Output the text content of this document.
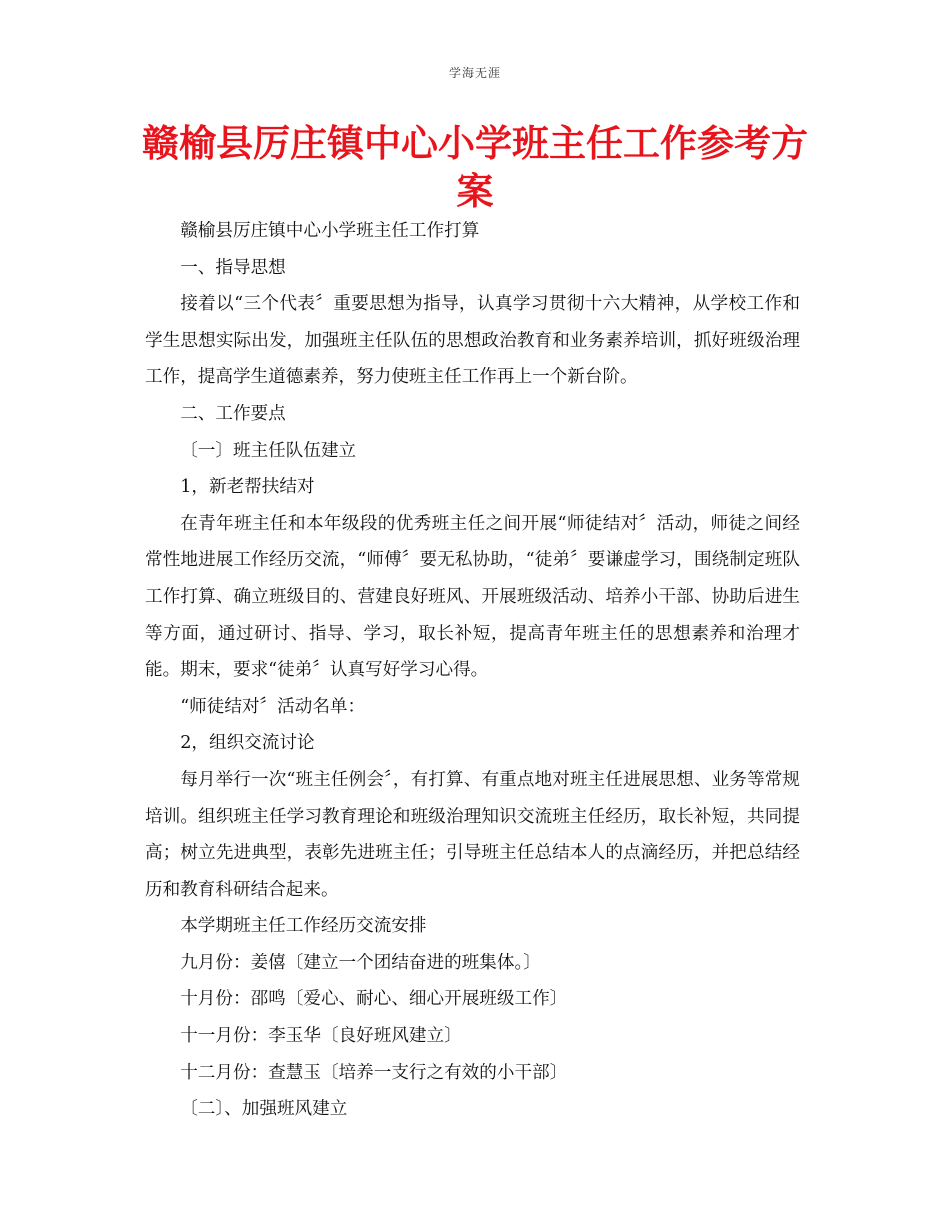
学海无涯
赣榆县厉庄镇中心小学班主任工作参考方案

赣榆县厉庄镇中心小学班主任工作打算

一、指导思想

接着以“三个代表〞重要思想为指导，认真学习贯彻十六大精神，从学校工作和学生思想实际出发，加强班主任队伍的思想政治教育和业务素养培训，抓好班级治理工作，提高学生道德素养，努力使班主任工作再上一个新台阶。

二、工作要点

〔一〕班主任队伍建立

1，新老帮扶结对

在青年班主任和本年级段的优秀班主任之间开展“师徒结对〞活动，师徒之间经常性地进展工作经历交流，“师傅〞要无私协助，“徒弟〞要谦虚学习，围绕制定班队工作打算、确立班级目的、营建良好班风、开展班级活动、培养小干部、协助后进生等方面，通过研讨、指导、学习，取长补短，提高青年班主任的思想素养和治理才能。期末，要求“徒弟〞认真写好学习心得。

“师徒结对〞活动名单：

2，组织交流讨论

每月举行一次“班主任例会〞，有打算、有重点地对班主任进展思想、业务等常规培训。组织班主任学习教育理论和班级治理知识交流班主任经历，取长补短，共同提高；树立先进典型，表彰先进班主任；引导班主任总结本人的点滴经历，并把总结经历和教育科研结合起来。

本学期班主任工作经历交流安排

九月份：姜僖〔建立一个团结奋进的班集体。〕

十月份：邵鸣〔爱心、耐心、细心开展班级工作〕

十一月份：李玉华〔良好班风建立〕

十二月份：查慧玉〔培养一支行之有效的小干部〕

〔二〕、加强班风建立
